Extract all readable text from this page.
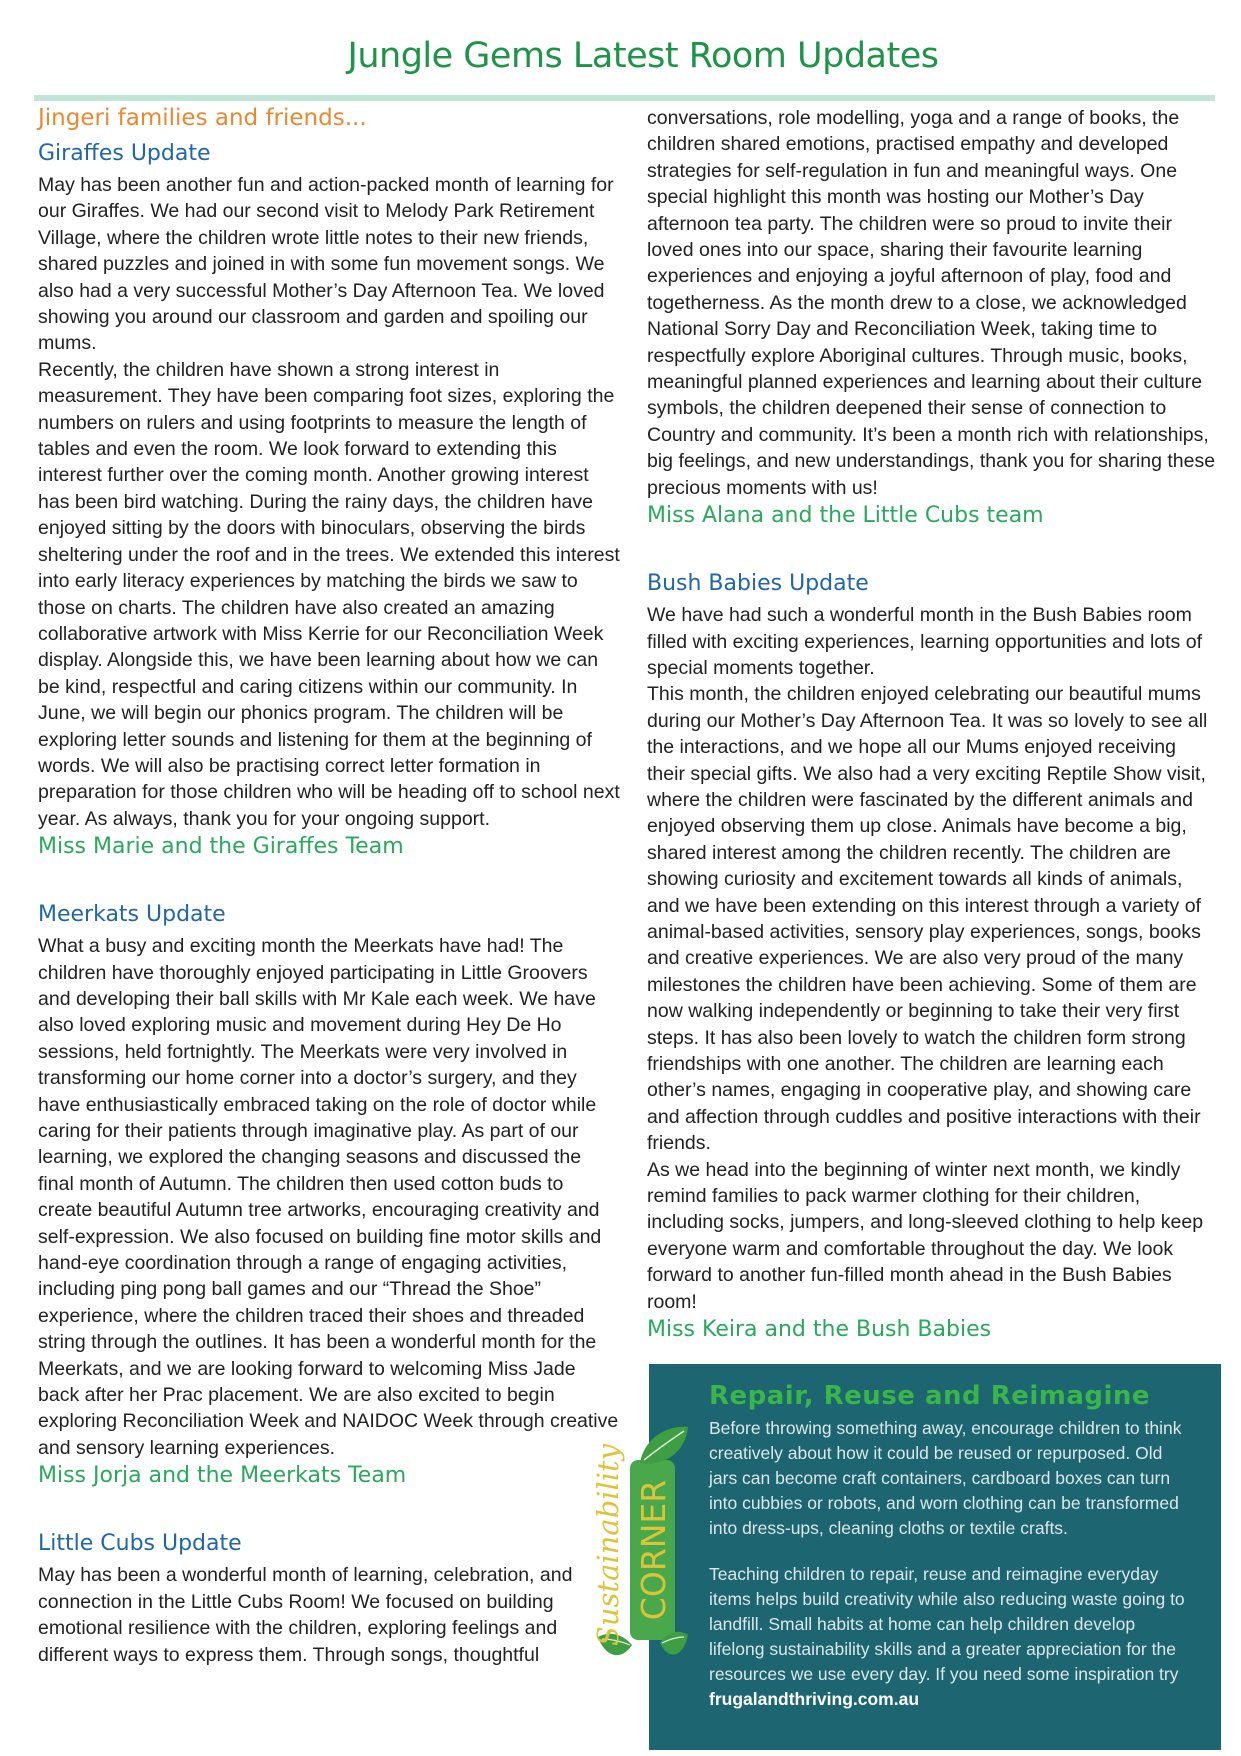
Jungle Gems Latest Room Updates
Jingeri families and friends...
Giraffes Update

May has been another fun and action-packed month of learning for our Giraffes. We had our second visit to Melody Park Retirement Village, where the children wrote little notes to their new friends, shared puzzles and joined in with some fun movement songs. We also had a very successful Mother’s Day Afternoon Tea. We loved showing you around our classroom and garden and spoiling our mums.

Recently, the children have shown a strong interest in measurement. They have been comparing foot sizes, exploring the numbers on rulers and using footprints to measure the length of tables and even the room. We look forward to extending this interest further over the coming month. Another growing interest has been bird watching. During the rainy days, the children have enjoyed sitting by the doors with binoculars, observing the birds sheltering under the roof and in the trees. We extended this interest into early literacy experiences by matching the birds we saw to those on charts. The children have also created an amazing collaborative artwork with Miss Kerrie for our Reconciliation Week display. Alongside this, we have been learning about how we can be kind, respectful and caring citizens within our community. In June, we will begin our phonics program. The children will be exploring letter sounds and listening for them at the beginning of words. We will also be practising correct letter formation in preparation for those children who will be heading off to school next year. As always, thank you for your ongoing support.

Miss Marie and the Giraffes Team
Meerkats Update

What a busy and exciting month the Meerkats have had! The children have thoroughly enjoyed participating in Little Groovers and developing their ball skills with Mr Kale each week. We have also loved exploring music and movement during Hey De Ho sessions, held fortnightly. The Meerkats were very involved in transforming our home corner into a doctor’s surgery, and they have enthusiastically embraced taking on the role of doctor while caring for their patients through imaginative play. As part of our learning, we explored the changing seasons and discussed the final month of Autumn. The children then used cotton buds to create beautiful Autumn tree artworks, encouraging creativity and self-expression. We also focused on building fine motor skills and hand-eye coordination through a range of engaging activities, including ping pong ball games and our “Thread the Shoe” experience, where the children traced their shoes and threaded string through the outlines. It has been a wonderful month for the Meerkats, and we are looking forward to welcoming Miss Jade back after her Prac placement. We are also excited to begin exploring Reconciliation Week and NAIDOC Week through creative and sensory learning experiences.

Miss Jorja and the Meerkats Team
Little Cubs Update

May has been a wonderful month of learning, celebration, and connection in the Little Cubs Room! We focused on building emotional resilience with the children, exploring feelings and different ways to express them. Through songs, thoughtful

conversations, role modelling, yoga and a range of books, the children shared emotions, practised empathy and developed strategies for self-regulation in fun and meaningful ways. One special highlight this month was hosting our Mother’s Day afternoon tea party. The children were so proud to invite their loved ones into our space, sharing their favourite learning experiences and enjoying a joyful afternoon of play, food and togetherness. As the month drew to a close, we acknowledged National Sorry Day and Reconciliation Week, taking time to respectfully explore Aboriginal cultures. Through music, books, meaningful planned experiences and learning about their culture symbols, the children deepened their sense of connection to Country and community. It’s been a month rich with relationships, big feelings, and new understandings, thank you for sharing these precious moments with us!

Miss Alana and the Little Cubs team
Bush Babies Update

We have had such a wonderful month in the Bush Babies room filled with exciting experiences, learning opportunities and lots of special moments together.

This month, the children enjoyed celebrating our beautiful mums during our Mother’s Day Afternoon Tea. It was so lovely to see all the interactions, and we hope all our Mums enjoyed receiving their special gifts. We also had a very exciting Reptile Show visit, where the children were fascinated by the different animals and enjoyed observing them up close. Animals have become a big, shared interest among the children recently. The children are showing curiosity and excitement towards all kinds of animals, and we have been extending on this interest through a variety of animal-based activities, sensory play experiences, songs, books and creative experiences. We are also very proud of the many milestones the children have been achieving. Some of them are now walking independently or beginning to take their very first steps. It has also been lovely to watch the children form strong friendships with one another. The children are learning each other’s names, engaging in cooperative play, and showing care and affection through cuddles and positive interactions with their friends.

As we head into the beginning of winter next month, we kindly remind families to pack warmer clothing for their children, including socks, jumpers, and long-sleeved clothing to help keep everyone warm and comfortable throughout the day. We look forward to another fun-filled month ahead in the Bush Babies room!

Miss Keira and the Bush Babies
Repair, Reuse and Reimagine

Before throwing something away, encourage children to think creatively about how it could be reused or repurposed. Old jars can become craft containers, cardboard boxes can turn into cubbies or robots, and worn clothing can be transformed into dress-ups, cleaning cloths or textile crafts.

Teaching children to repair, reuse and reimagine everyday items helps build creativity while also reducing waste going to landfill. Small habits at home can help children develop lifelong sustainability skills and a greater appreciation for the resources we use every day. If you need some inspiration try frugalandthriving.com.au

Sustainability CORNER
